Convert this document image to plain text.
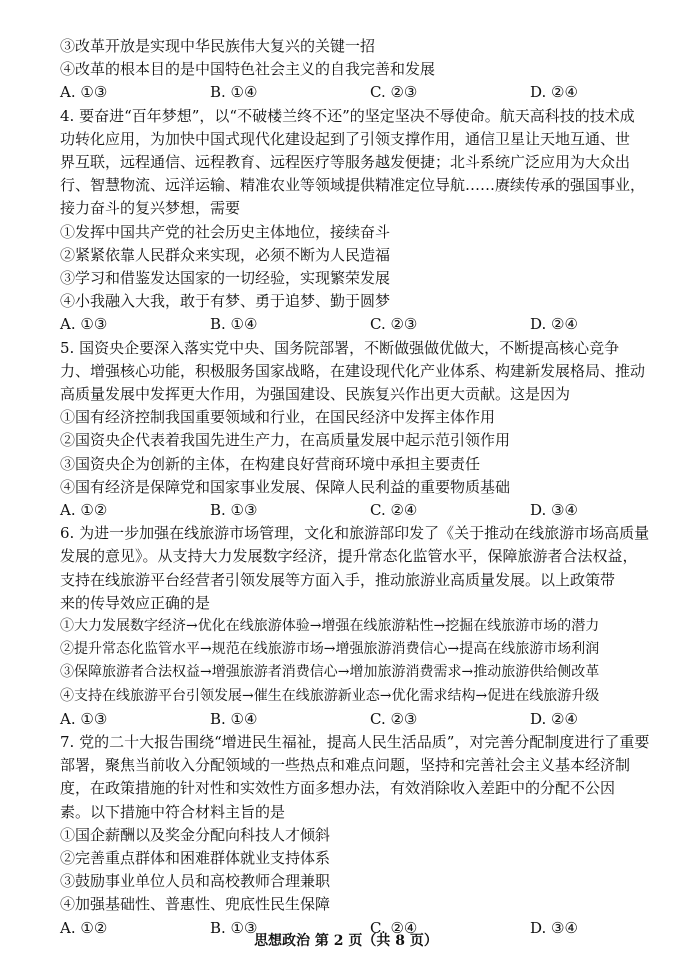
③改革开放是实现中华民族伟大复兴的关键一招
④改革的根本目的是中国特色社会主义的自我完善和发展
A. ①③	B. ①④	C. ②③	D. ②④
4. 要奋进“百年梦想”，以“不破楼兰终不还”的坚定坚决不辱使命。航天高科技的技术成
功转化应用，为加快中国式现代化建设起到了引领支撑作用，通信卫星让天地互通、世
界互联，远程通信、远程教育、远程医疗等服务越发便捷；北斗系统广泛应用为大众出
行、智慧物流、远洋运输、精准农业等领域提供精准定位导航……赓续传承的强国事业，
接力奋斗的复兴梦想，需要
①发挥中国共产党的社会历史主体地位，接续奋斗
②紧紧依靠人民群众来实现，必须不断为人民造福
③学习和借鉴发达国家的一切经验，实现繁荣发展
④小我融入大我，敢于有梦、勇于追梦、勤于圆梦
A. ①③	B. ①④	C. ②③	D. ②④
5. 国资央企要深入落实党中央、国务院部署，不断做强做优做大，不断提高核心竞争
力、增强核心功能，积极服务国家战略，在建设现代化产业体系、构建新发展格局、推动
高质量发展中发挥更大作用，为强国建设、民族复兴作出更大贡献。这是因为
①国有经济控制我国重要领域和行业，在国民经济中发挥主体作用
②国资央企代表着我国先进生产力，在高质量发展中起示范引领作用
③国资央企为创新的主体，在构建良好营商环境中承担主要责任
④国有经济是保障党和国家事业发展、保障人民利益的重要物质基础
A. ①②	B. ①③	C. ②④	D. ③④
6. 为进一步加强在线旅游市场管理，文化和旅游部印发了《关于推动在线旅游市场高质量
发展的意见》。从支持大力发展数字经济，提升常态化监管水平，保障旅游者合法权益，
支持在线旅游平台经营者引领发展等方面入手，推动旅游业高质量发展。以上政策带
来的传导效应正确的是
①大力发展数字经济→优化在线旅游体验→增强在线旅游粘性→挖掘在线旅游市场的潜力
②提升常态化监管水平→规范在线旅游市场→增强旅游消费信心→提高在线旅游市场利润
③保障旅游者合法权益→增强旅游者消费信心→增加旅游消费需求→推动旅游供给侧改革
④支持在线旅游平台引领发展→催生在线旅游新业态→优化需求结构→促进在线旅游升级
A. ①③	B. ①④	C. ②③	D. ②④
7. 党的二十大报告围绕“增进民生福祉，提高人民生活品质”，对完善分配制度进行了重要
部署，聚焦当前收入分配领域的一些热点和难点问题，坚持和完善社会主义基本经济制
度，在政策措施的针对性和实效性方面多想办法，有效消除收入差距中的分配不公因
素。以下措施中符合材料主旨的是
①国企薪酬以及奖金分配向科技人才倾斜
②完善重点群体和困难群体就业支持体系
③鼓励事业单位人员和高校教师合理兼职
④加强基础性、普惠性、兜底性民生保障
A. ①②	B. ①③	C. ②④	D. ③④
思想政治 第 2 页（共 8 页）
